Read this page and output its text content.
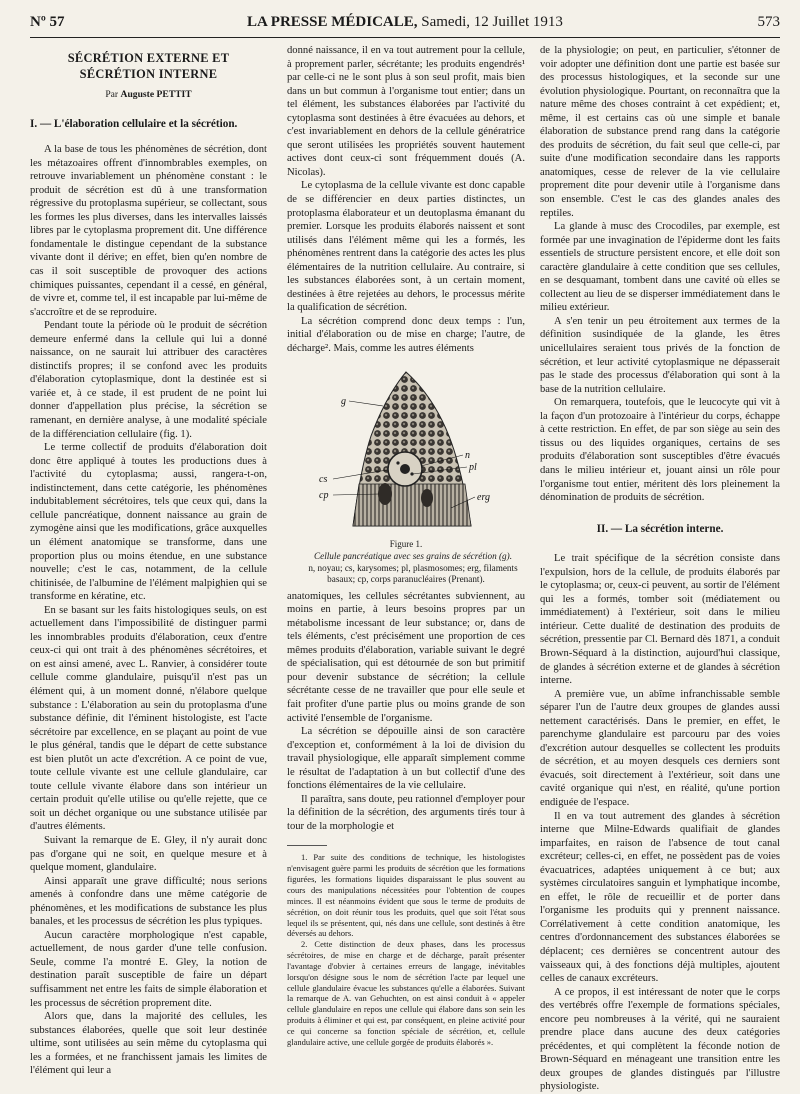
Nº 57	LA PRESSE MÉDICALE, Samedi, 12 Juillet 1913	573
SÉCRÉTION EXTERNE ET SÉCRÉTION INTERNE
Par Auguste PETTIT
I. — L'élaboration cellulaire et la sécrétion.

A la base de tous les phénomènes de sécrétion, dont les métazoaires offrent d'innombrables exemples, on retrouve invariablement un phénomène constant : le produit de sécrétion est dû à une transformation régressive du protoplasma supérieur, se collectant, sous les formes les plus diverses, dans les intervalles laissés libres par le cytoplasma proprement dit. Une différence fondamentale le distingue cependant de la substance vivante dont il dérive; en effet, bien qu'en nombre de cas il soit susceptible de provoquer des actions chimiques puissantes, cependant il a cessé, en général, de vivre et, comme tel, il est incapable par lui-même de s'accroître et de se reproduire.

Pendant toute la période où le produit de sécrétion demeure enfermé dans la cellule qui lui a donné naissance, on ne saurait lui attribuer des caractères distinctifs propres; il se confond avec les produits d'élaboration cytoplasmique, dont la destinée est si variée et, à ce stade, il est prudent de ne point lui donner d'appellation plus précise, la sécrétion se ramenant, en dernière analyse, à une modalité spéciale de la différenciation cellulaire (fig. 1).

Le terme collectif de produits d'élaboration doit donc être appliqué à toutes les productions dues à l'activité du cytoplasma; aussi, rangera-t-on, indistinctement, dans cette catégorie, les phénomènes indubitablement sécrétoires, tels que ceux qui, dans la cellule pancréatique, donnent naissance au grain de zymogène ainsi que les modifications, grâce auxquelles un élément anatomique se transforme, dans une proportion plus ou moins étendue, en une substance nouvelle; c'est le cas, notamment, de la cellule chitinisée, de l'albumine de l'élément malpighien qui se transforme en kératine, etc.

En se basant sur les faits histologiques seuls, on est actuellement dans l'impossibilité de distinguer parmi les innombrables produits d'élaboration, ceux d'entre ceux-ci qui ont trait à des phénomènes sécrétoires, et on est ainsi amené, avec L. Ranvier, à considérer toute cellule comme glandulaire, puisqu'il n'est pas un élément qui, à un moment donné, n'élabore quelque substance : L'élaboration au sein du protoplasma d'une substance définie, dit l'éminent histologiste, est l'acte sécrétoire par excellence, en se plaçant au point de vue le plus général, tandis que le départ de cette substance est bien plutôt un acte d'excrétion. A ce point de vue, toute cellule vivante est une cellule glandulaire, car toute cellule vivante élabore dans son intérieur un certain produit qu'elle utilise ou qu'elle rejette, que ce soit un déchet organique ou une substance utilisée par d'autres éléments.

Suivant la remarque de E. Gley, il n'y aurait donc pas d'organe qui ne soit, en quelque mesure et à quelque moment, glandulaire.

Ainsi apparaît une grave difficulté; nous serions amenés à confondre dans une même catégorie de phénomènes, et les modifications de substance les plus banales, et les processus de sécrétion les plus typiques.

Aucun caractère morphologique n'est capable, actuellement, de nous garder d'une telle confusion. Seule, comme l'a montré E. Gley, la notion de destination paraît susceptible de faire un départ suffisamment net entre les faits de simple élaboration et les processus de sécrétion proprement dite.

Alors que, dans la majorité des cellules, les substances élaborées, quelle que soit leur destinée ultime, sont utilisées au sein même du cytoplasma qui les a formées, et ne franchissent jamais les limites de l'élément qui leur a

donné naissance, il en va tout autrement pour la cellule, à proprement parler, sécrétante; les produits engendrés¹ par celle-ci ne le sont plus à son seul profit, mais bien dans un but commun à l'organisme tout entier; dans un tel élément, les substances élaborées par l'activité du cytoplasma sont destinées à être évacuées au dehors, et c'est invariablement en dehors de la cellule génératrice que seront utilisées les propriétés souvent hautement actives dont ceux-ci sont fréquemment doués (A. Nicolas).

Le cytoplasma de la cellule vivante est donc capable de se différencier en deux parties distinctes, un protoplasma élaborateur et un deutoplasma émanant du premier. Lorsque les produits élaborés naissent et sont utilisés dans l'élément même qui les a formés, les phénomènes rentrent dans la catégorie des actes les plus élémentaires de la nutrition cellulaire. Au contraire, si les substances élaborées sont, à un certain moment, destinées à être rejetées au dehors, le processus mérite la qualification de sécrétion.

La sécrétion comprend donc deux temps : l'un, initial d'élaboration ou de mise en charge; l'autre, de décharge². Mais, comme les autres éléments

g
n
pl
cs
cp	erg
Figure 1.

Cellule pancréatique avec ses grains de sécrétion (g).

n, noyau; cs, karysomes; pl, plasmosomes; erg, filaments basaux; cp, corps paranucléaires (Prenant).

anatomiques, les cellules sécrétantes subviennent, au moins en partie, à leurs besoins propres par un métabolisme incessant de leur substance; or, dans de tels éléments, c'est précisément une proportion de ces mêmes produits d'élaboration, variable suivant le degré de spécialisation, qui est détournée de son but primitif pour devenir substance de sécrétion; la cellule sécrétante cesse de ne travailler que pour elle seule et fait profiter d'une partie plus ou moins grande de son activité l'ensemble de l'organisme.

La sécrétion se dépouille ainsi de son caractère d'exception et, conformément à la loi de division du travail physiologique, elle apparaît simplement comme le résultat de l'adaptation à un but collectif d'une des fonctions élémentaires de la vie cellulaire.

Il paraîtra, sans doute, peu rationnel d'employer pour la définition de la sécrétion, des arguments tirés tour à tour de la morphologie et

1. Par suite des conditions de technique, les histologistes n'envisagent guère parmi les produits de sécrétion que les formations figurées, les formations liquides disparaissant le plus souvent au cours des manipulations nécessitées pour l'obtention de coupes minces. Il est néanmoins évident que sous le terme de produits de sécrétion, on doit réunir tous les produits, quel que soit l'état sous lequel ils se présentent, qui, nés dans une cellule, sont destinés à être déversés au dehors.

2. Cette distinction de deux phases, dans les processus sécrétoires, de mise en charge et de décharge, paraît présenter l'avantage d'obvier à certaines erreurs de langage, inévitables lorsqu'on désigne sous le nom de sécrétion l'acte par lequel une cellule glandulaire évacue les substances qu'elle a élaborées. Suivant la remarque de A. van Gehuchten, on est ainsi conduit à « appeler cellule glandulaire en repos une cellule qui élabore dans son sein les produits à éliminer et qui est, par conséquent, en pleine activité pour ce qui concerne sa fonction spéciale de sécrétion, et, cellule glandulaire active, une cellule gorgée de produits élaborés ».

de la physiologie; on peut, en particulier, s'étonner de voir adopter une définition dont une partie est basée sur des processus histologiques, et la seconde sur une évolution physiologique. Pourtant, on reconnaîtra que la nature même des choses contraint à cet expédient; et, même, il est certains cas où une simple et banale élaboration de substance prend rang dans la catégorie des produits de sécrétion, du fait seul que celle-ci, par suite d'une modification secondaire dans les rapports anatomiques, cesse de relever de la vie cellulaire proprement dite pour devenir utile à l'organisme dans son ensemble. C'est le cas des glandes anales des reptiles.

La glande à musc des Crocodiles, par exemple, est formée par une invagination de l'épiderme dont les faits essentiels de structure persistent encore, et elle doit son caractère glandulaire à cette condition que ses cellules, en se desquamant, tombent dans une cavité où elles se collectent au lieu de se disperser immédiatement dans le milieu extérieur.

A s'en tenir un peu étroitement aux termes de la définition susindiquée de la glande, les êtres unicellulaires seraient tous privés de la fonction de sécrétion, et leur activité cytoplasmique ne dépasserait pas le stade des processus d'élaboration qui sont à la base de la nutrition cellulaire.

On remarquera, toutefois, que le leucocyte qui vit à la façon d'un protozoaire à l'intérieur du corps, échappe à cette restriction. En effet, de par son siège au sein des tissus ou des liquides organiques, certains de ses produits d'élaboration sont susceptibles d'être évacués dans le milieu intérieur et, jouant ainsi un rôle pour l'organisme tout entier, méritent dès lors pleinement la dénomination de produits de sécrétion.

II. — La sécrétion interne.

Le trait spécifique de la sécrétion consiste dans l'expulsion, hors de la cellule, de produits élaborés par le cytoplasma; or, ceux-ci peuvent, au sortir de l'élément qui les a formés, tomber soit (médiatement ou immédiatement) à l'extérieur, soit dans le milieu intérieur. Cette dualité de destination des produits de sécrétion, pressentie par Cl. Bernard dès 1871, a conduit Brown-Séquard à la distinction, aujourd'hui classique, de glandes à sécrétion externe et de glandes à sécrétion interne.

A première vue, un abîme infranchissable semble séparer l'un de l'autre deux groupes de glandes aussi nettement caractérisés. Dans le premier, en effet, le parenchyme glandulaire est parcouru par des voies d'excrétion autour desquelles se collectent les produits de sécrétion, et au moyen desquels ces derniers sont évacués, soit directement à l'extérieur, soit dans une cavité organique qui n'est, en réalité, qu'une portion endiguée de l'espace.

Il en va tout autrement des glandes à sécrétion interne que Milne-Edwards qualifiait de glandes imparfaites, en raison de l'absence de tout canal excréteur; celles-ci, en effet, ne possèdent pas de voies évacuatrices, adaptées uniquement à ce but; aux systèmes circulatoires sanguin et lymphatique incombe, en effet, le rôle de recueillir et de porter dans l'organisme les produits qui y prennent naissance. Corrélativement à cette condition anatomique, les centres d'ordonnancement des substances élaborées se déplacent; ces dernières se concentrent autour des vaisseaux qui, à des fonctions déjà multiples, ajoutent celles de canaux excréteurs.

A ce propos, il est intéressant de noter que le corps des vertébrés offre l'exemple de formations spéciales, encore peu nombreuses à la vérité, qui ne sauraient prendre place dans aucune des deux catégories précédentes, et qui complètent la féconde notion de Brown-Séquard en ménageant une transition entre les deux groupes de glandes distingués par l'illustre physiologiste.
